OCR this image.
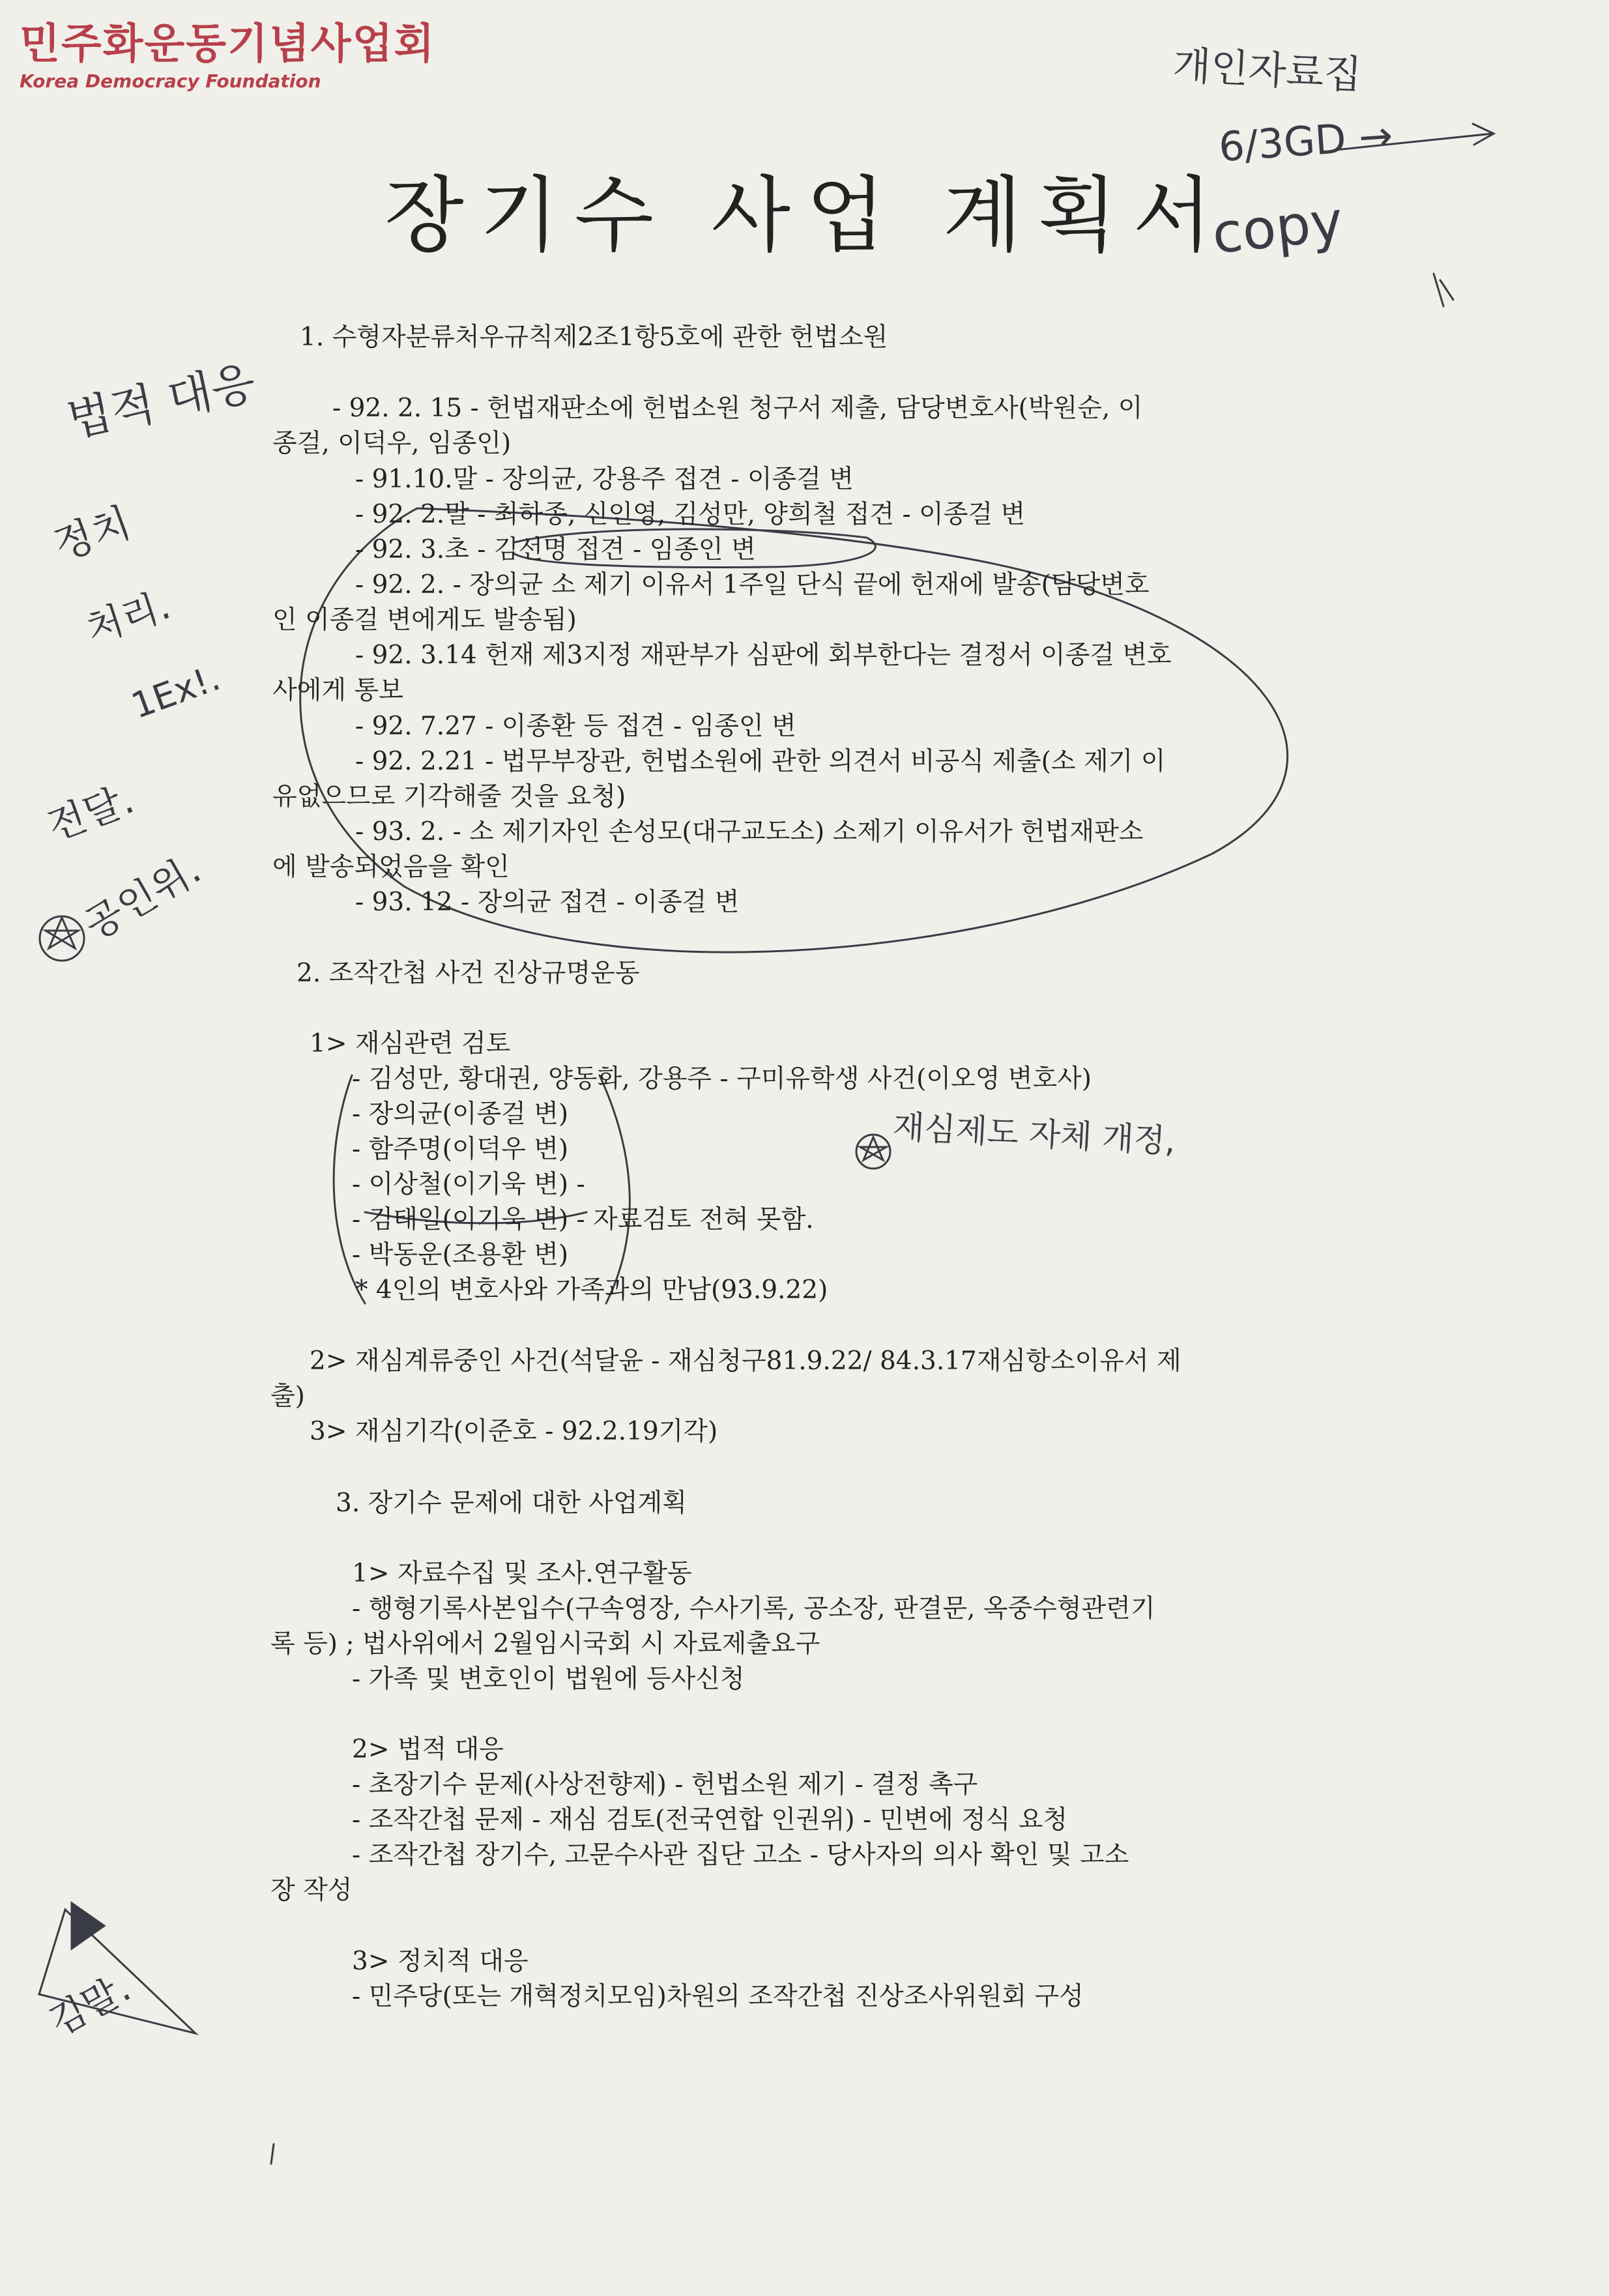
민주화운동기념사업회
Korea Democracy Foundation
장기수 사업 계획서
개인자료집
6/3GD →
copy
법적 대응
정치
처리.
1Ex!.
전달.
공인위.
재심제도 자체 개정,
김말.
1. 수형자분류처우규칙제2조1항5호에 관한 헌법소원
- 92. 2. 15 - 헌법재판소에 헌법소원 청구서 제출, 담당변호사(박원순, 이
종걸, 이덕우, 임종인)
- 91.10.말 - 장의균, 강용주 접견 - 이종걸 변
- 92. 2.말 - 최하종, 신인영, 김성만, 양희철 접견 - 이종걸 변
- 92. 3.초 - 김선명 접견 - 임종인 변
- 92. 2. - 장의균 소 제기 이유서 1주일 단식 끝에 헌재에 발송(담당변호
인 이종걸 변에게도 발송됨)
- 92. 3.14 헌재 제3지정 재판부가 심판에 회부한다는 결정서 이종걸 변호
사에게 통보
- 92. 7.27 - 이종환 등 접견 - 임종인 변
- 92. 2.21 - 법무부장관, 헌법소원에 관한 의견서 비공식 제출(소 제기 이
유없으므로 기각해줄 것을 요청)
- 93. 2. - 소 제기자인 손성모(대구교도소) 소제기 이유서가 헌법재판소
에 발송되었음을 확인
- 93. 12 - 장의균 접견 - 이종걸 변
2. 조작간첩 사건 진상규명운동
1> 재심관련 검토
- 김성만, 황대권, 양동화, 강용주 - 구미유학생 사건(이오영 변호사)
- 장의균(이종걸 변)
- 함주명(이덕우 변)
- 이상철(이기욱 변) -
- 김태일(이기욱 변) - 자료검토 전혀 못함.
- 박동운(조용환 변)
* 4인의 변호사와 가족과의 만남(93.9.22)
2> 재심계류중인 사건(석달윤 - 재심청구81.9.22/ 84.3.17재심항소이유서 제
출)
3> 재심기각(이준호 - 92.2.19기각)
3. 장기수 문제에 대한 사업계획
1> 자료수집 및 조사.연구활동
- 행형기록사본입수(구속영장, 수사기록, 공소장, 판결문, 옥중수형관련기
록 등) ; 법사위에서 2월임시국회 시 자료제출요구
- 가족 및 변호인이 법원에 등사신청
2> 법적 대응
- 초장기수 문제(사상전향제) - 헌법소원 제기 - 결정 촉구
- 조작간첩 문제 - 재심 검토(전국연합 인권위) - 민변에 정식 요청
- 조작간첩 장기수, 고문수사관 집단 고소 - 당사자의 의사 확인 및 고소
장 작성
3> 정치적 대응
- 민주당(또는 개혁정치모임)차원의 조작간첩 진상조사위원회 구성
